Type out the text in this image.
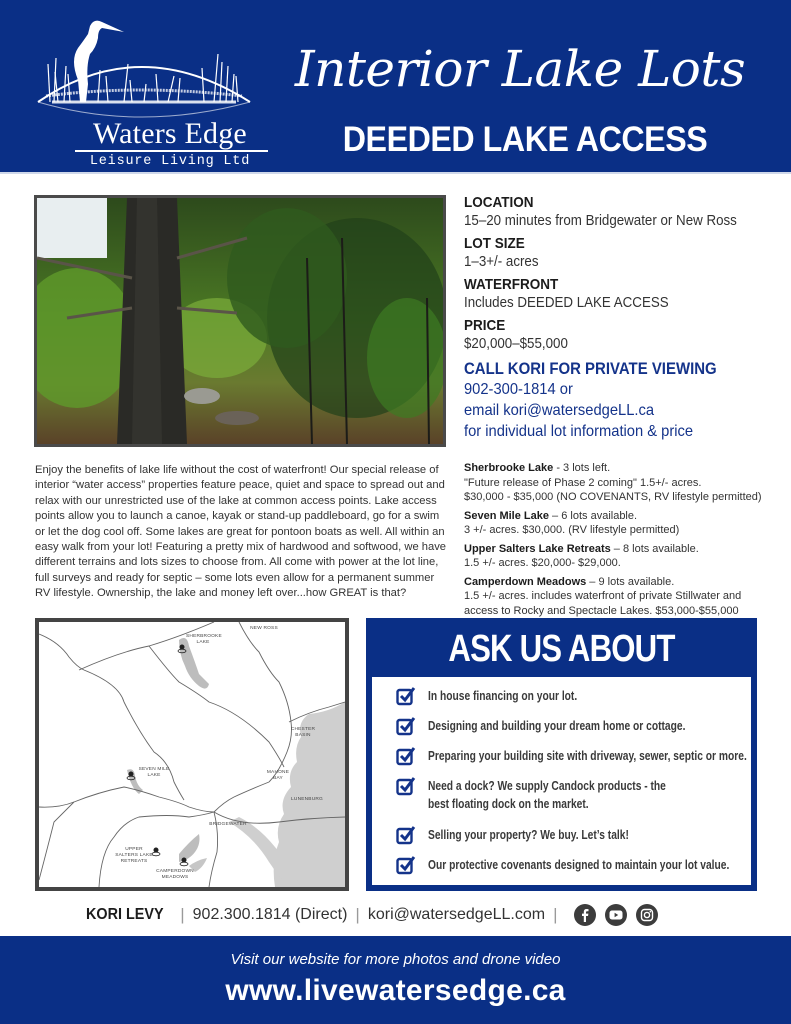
Waters Edge
Leisure Living Ltd
Interior Lake Lots
DEEDED LAKE ACCESS
LOCATION
15–20 minutes from Bridgewater or New Ross
LOT SIZE
1–3+/- acres
WATERFRONT
Includes DEEDED LAKE ACCESS
PRICE
$20,000–$55,000
CALL KORI FOR PRIVATE VIEWING
902-300-1814 or
email kori@watersedgeLL.ca
for individual lot information & price

Enjoy the benefits of lake life without the cost of waterfront! Our special release of interior “water access” properties feature peace, quiet and space to spread out and relax with our unrestricted use of the lake at common access points. Lake access points allow you to launch a canoe, kayak or stand-up paddleboard, go for a swim or let the dog cool off. Some lakes are great for pontoon boats as well. All within an easy walk from your lot! Featuring a pretty mix of hardwood and softwood, we have different terrains and lots sizes to choose from. All come with power at the lot line, full surveys and ready for septic – some lots even allow for a permanent summer RV lifestyle. Ownership, the lake and money left over...how GREAT is that?

Sherbrooke Lake - 3 lots left.
"Future release of Phase 2 coming" 1.5+/- acres.
$30,000 - $35,000 (NO COVENANTS, RV lifestyle permitted)
Seven Mile Lake – 6 lots available.
3 +/- acres. $30,000. (RV lifestyle permitted)
Upper Salters Lake Retreats – 8 lots available.
1.5 +/- acres. $20,000- $29,000.
Camperdown Meadows – 9 lots available.
1.5 +/- acres. includes waterfront of private Stillwater and
access to Rocky and Spectacle Lakes. $53,000-$55,000
NEW ROSS
SHERBROOKE LAKE
CHESTER BASIN
SEVEN MILE LAKE
MAHONE BAY
LUNENBURG
BRIDGEWATER
UPPER SALTERS LAKE RETREATS
CAMPERDOWN MEADOWS
ASK US ABOUT
In house financing on your lot.
Designing and building your dream home or cottage.
Preparing your building site with driveway, sewer, septic or more.
Need a dock? We supply Candock products - the
best floating dock on the market.
Selling your property? We buy. Let’s talk!
Our protective covenants designed to maintain your lot value.
KORI LEVY | 902.300.1814 (Direct) | kori@watersedgeLL.com |
Visit our website for more photos and drone video
www.livewatersedge.ca
